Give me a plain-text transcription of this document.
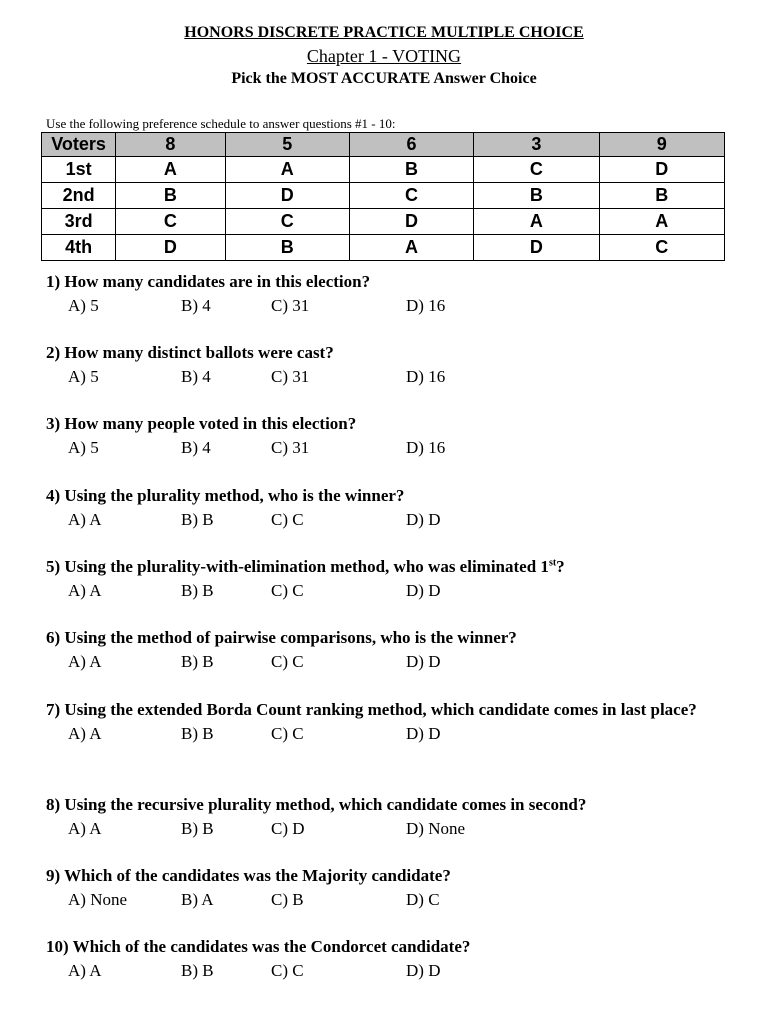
HONORS DISCRETE PRACTICE MULTIPLE CHOICE
Chapter 1 - VOTING
Pick the MOST ACCURATE Answer Choice
Use the following preference schedule to answer questions #1 - 10:
Voters	8	5	6	3	9
1st	A	A	B	C	D
2nd	B	D	C	B	B
3rd	C	C	D	A	A
4th	D	B	A	D	C
1) How many candidates are in this election?
A) 5	B) 4	C) 31	D) 16
2) How many distinct ballots were cast?
A) 5	B) 4	C) 31	D) 16
3) How many people voted in this election?
A) 5	B) 4	C) 31	D) 16
4) Using the plurality method, who is the winner?
A) A	B) B	C) C	D) D
5) Using the plurality-with-elimination method, who was eliminated 1st?
A) A	B) B	C) C	D) D
6) Using the method of pairwise comparisons, who is the winner?
A) A	B) B	C) C	D) D
7) Using the extended Borda Count ranking method, which candidate comes in last place?
A) A	B) B	C) C	D) D
8) Using the recursive plurality method, which candidate comes in second?
A) A	B) B	C) D	D) None
9) Which of the candidates was the Majority candidate?
A) None	B) A	C) B	D) C
10) Which of the candidates was the Condorcet candidate?
A) A	B) B	C) C	D) D
